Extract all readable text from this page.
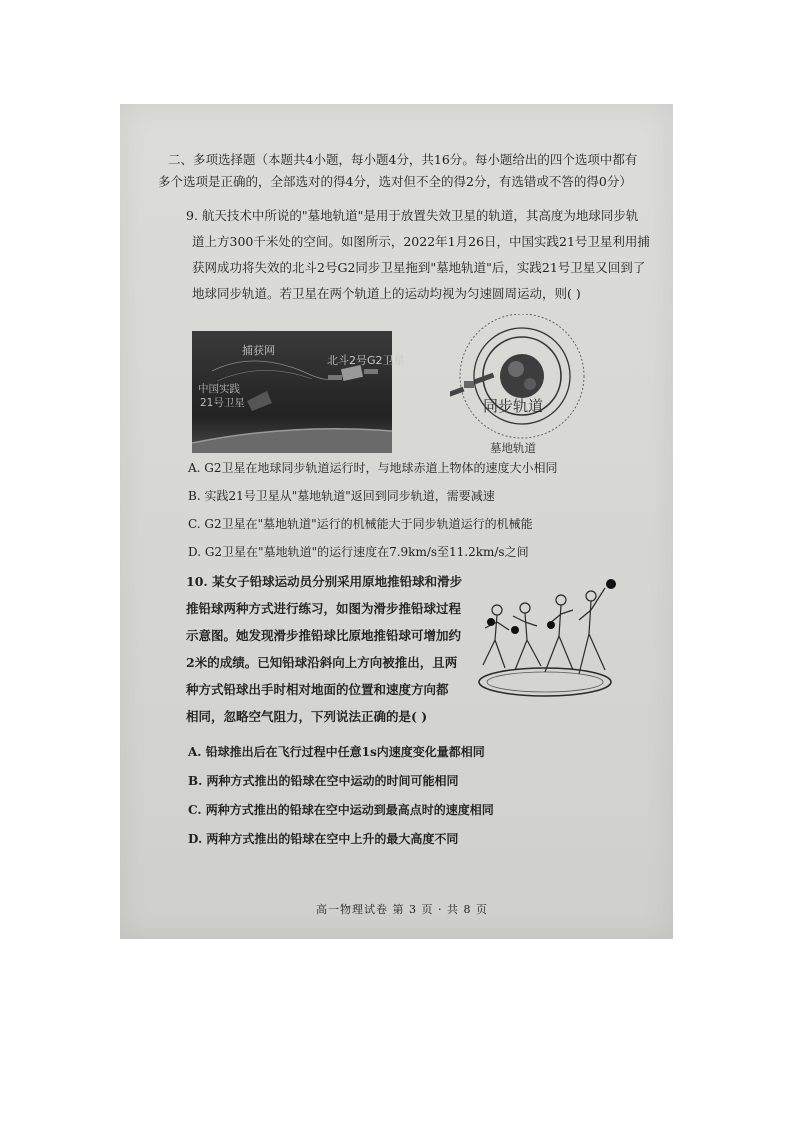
二、多项选择题（本题共4小题，每小题4分，共16分。每小题给出的四个选项中都有
多个选项是正确的，全部选对的得4分，选对但不全的得2分，有选错或不答的得0分）
9. 航天技术中所说的"墓地轨道"是用于放置失效卫星的轨道，其高度为地球同步轨
道上方300千米处的空间。如图所示，2022年1月26日，中国实践21号卫星利用捕
获网成功将失效的北斗2号G2同步卫星拖到"墓地轨道"后，实践21号卫星又回到了
地球同步轨道。若卫星在两个轨道上的运动均视为匀速圆周运动，则( )
捕获网
北斗2号G2卫星
中国实践
21号卫星	同步轨道
墓地轨道
A. G2卫星在地球同步轨道运行时，与地球赤道上物体的速度大小相同
B. 实践21号卫星从"墓地轨道"返回到同步轨道，需要减速
C. G2卫星在"墓地轨道"运行的机械能大于同步轨道运行的机械能
D. G2卫星在"墓地轨道"的运行速度在7.9km/s至11.2km/s之间
10. 某女子铅球运动员分别采用原地推铅球和滑步
推铅球两种方式进行练习，如图为滑步推铅球过程
示意图。她发现滑步推铅球比原地推铅球可增加约
2米的成绩。已知铅球沿斜向上方向被推出，且两
种方式铅球出手时相对地面的位置和速度方向都
相同，忽略空气阻力，下列说法正确的是( )
A. 铅球推出后在飞行过程中任意1s内速度变化量都相同
B. 两种方式推出的铅球在空中运动的时间可能相同
C. 两种方式推出的铅球在空中运动到最高点时的速度相同
D. 两种方式推出的铅球在空中上升的最大高度不同
高一物理试卷 第 3 页 · 共 8 页
